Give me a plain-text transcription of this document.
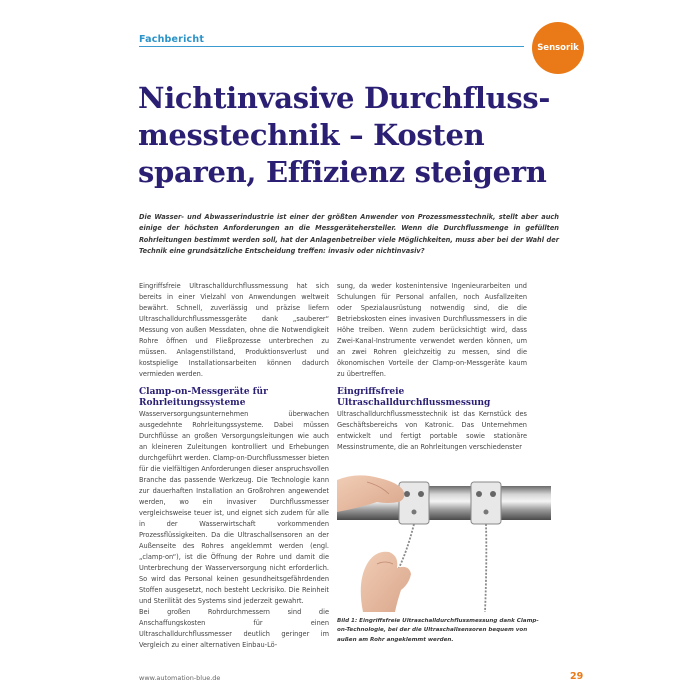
Fachbericht
Sensorik
Nichtinvasive Durchfluss-
messtechnik – Kosten
sparen, Effizienz steigern

Die Wasser- und Abwasserindustrie ist einer der größten Anwender von Prozessmesstechnik, stellt aber auch einige der höchsten Anforderungen an die Messgerätehersteller. Wenn die Durchflussmenge in gefüllten Rohrleitungen bestimmt werden soll, hat der Anlagenbetreiber viele Möglichkeiten, muss aber bei der Wahl der Technik eine grundsätzliche Entscheidung treffen: invasiv oder nichtinvasiv?

Eingriffsfreie Ultraschalldurchflussmessung hat sich bereits in einer Vielzahl von Anwendungen weltweit bewährt. Schnell, zuverlässig und präzise liefern Ultraschalldurchflussmessgeräte dank „sauberer“ Messung von außen Messdaten, ohne die Notwendigkeit Rohre öffnen und Fließprozesse unterbrechen zu müssen. Anlagenstillstand, Produktionsverlust und kostspielige Installationsarbeiten können dadurch vermieden werden.

Clamp-on-Messgeräte für Rohrleitungssysteme

Wasserversorgungsunternehmen überwachen ausgedehnte Rohrleitungssysteme. Dabei müssen Durchflüsse an großen Versorgungsleitungen wie auch an kleineren Zuleitungen kontrolliert und Erhebungen durchgeführt werden. Clamp-on-Durchflussmesser bieten für die vielfältigen Anforderungen dieser anspruchsvollen Branche das passende Werkzeug. Die Technologie kann zur dauerhaften Installation an Großrohren angewendet werden, wo ein invasiver Durchflussmesser vergleichsweise teuer ist, und eignet sich zudem für alle in der Wasserwirtschaft vorkommenden Prozessflüssigkeiten. Da die Ultraschallsensoren an der Außenseite des Rohres angeklemmt werden (engl. „clamp-on“), ist die Öffnung der Rohre und damit die Unterbrechung der Wasserversorgung nicht erforderlich. So wird das Personal keinen gesundheitsgefährdenden Stoffen ausgesetzt, noch besteht Leckrisiko. Die Reinheit und Sterilität des Systems sind jederzeit gewahrt.

Bei großen Rohrdurchmessern sind die Anschaffungskosten für einen Ultraschalldurchflussmesser deutlich geringer im Vergleich zu einer alternativen Einbau-Lö-

sung, da weder kostenintensive Ingenieurarbeiten und Schulungen für Personal anfallen, noch Ausfallzeiten oder Spezialausrüstung notwendig sind, die die Betriebskosten eines invasiven Durchflussmessers in die Höhe treiben. Wenn zudem berücksichtigt wird, dass Zwei-Kanal-Instrumente verwendet werden können, um an zwei Rohren gleichzeitig zu messen, sind die ökonomischen Vorteile der Clamp-on-Messgeräte kaum zu übertreffen.

Eingriffsfreie Ultraschalldurchflussmessung

Ultraschalldurchflussmesstechnik ist das Kernstück des Geschäftsbereichs von Katronic. Das Unternehmen entwickelt und fertigt portable sowie stationäre Messinstrumente, die an Rohrleitungen verschiedenster

Bild 1: Eingriffsfreie Ultraschalldurchflussmessung dank Clamp-on-Technologie, bei der die Ultraschallsensoren bequem von außen am Rohr angeklemmt werden.

www.automation-blue.de	29
